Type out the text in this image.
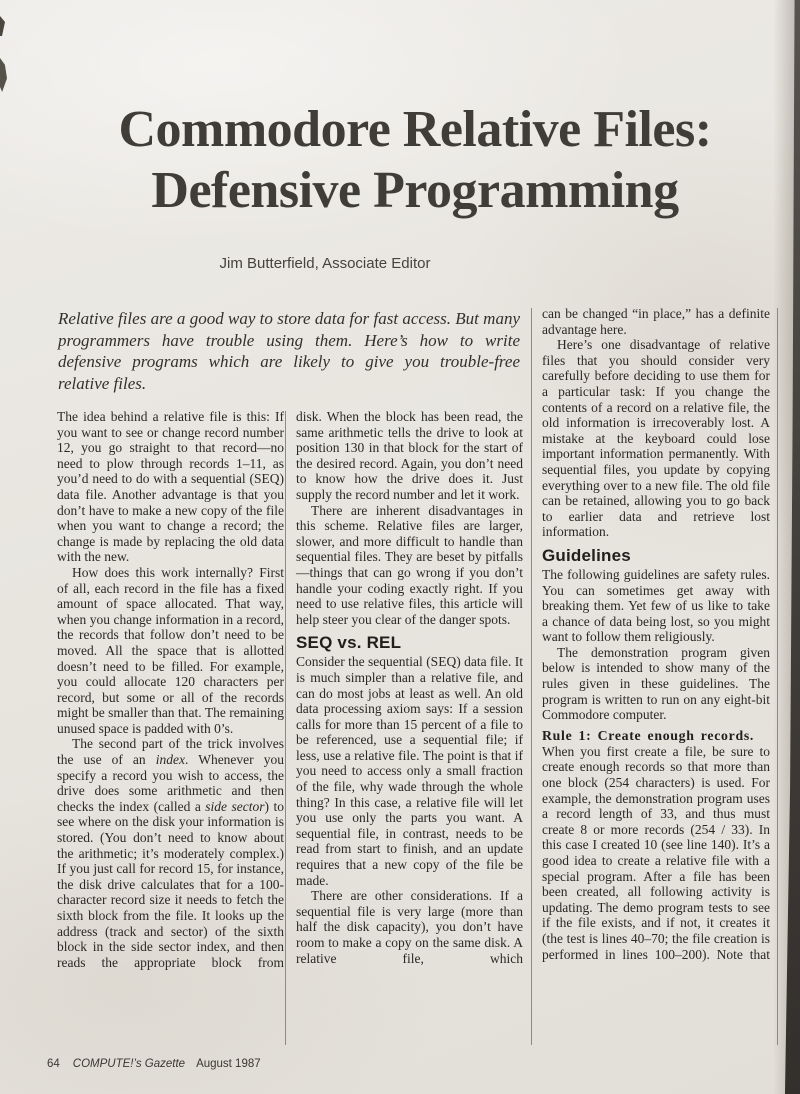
Commodore Relative Files:
Defensive Programming
Jim Butterfield, Associate Editor
Relative files are a good way to store data for fast access. But many programmers have trouble using them. Here’s how to write defensive programs which are likely to give you trouble-free relative files.

The idea behind a relative file is this: If you want to see or change record number 12, you go straight to that record—no need to plow through records 1–11, as you’d need to do with a sequential (SEQ) data file. Another advantage is that you don’t have to make a new copy of the file when you want to change a record; the change is made by replacing the old data with the new.

How does this work internally? First of all, each record in the file has a fixed amount of space allocated. That way, when you change information in a record, the records that follow don’t need to be moved. All the space that is allotted doesn’t need to be filled. For example, you could allocate 120 characters per record, but some or all of the records might be smaller than that. The remaining unused space is padded with 0’s.

The second part of the trick involves the use of an index. Whenever you specify a record you wish to access, the drive does some arithmetic and then checks the index (called a side sector) to see where on the disk your information is stored. (You don’t need to know about the arithmetic; it’s moderately complex.) If you just call for record 15, for instance, the disk drive calculates that for a 100-character record size it needs to fetch the sixth block from the file. It looks up the address (track and sector) of the sixth block in the side sector index, and then reads the appropriate block from

disk. When the block has been read, the same arithmetic tells the drive to look at position 130 in that block for the start of the desired record. Again, you don’t need to know how the drive does it. Just supply the record number and let it work.

There are inherent disadvantages in this scheme. Relative files are larger, slower, and more difficult to handle than sequential files. They are beset by pitfalls—things that can go wrong if you don’t handle your coding exactly right. If you need to use relative files, this article will help steer you clear of the danger spots.

SEQ vs. REL

Consider the sequential (SEQ) data file. It is much simpler than a relative file, and can do most jobs at least as well. An old data processing axiom says: If a session calls for more than 15 percent of a file to be referenced, use a sequential file; if less, use a relative file. The point is that if you need to access only a small fraction of the file, why wade through the whole thing? In this case, a relative file will let you use only the parts you want. A sequential file, in contrast, needs to be read from start to finish, and an update requires that a new copy of the file be made.

There are other considerations. If a sequential file is very large (more than half the disk capacity), you don’t have room to make a copy on the same disk. A relative file, which

can be changed “in place,” has a definite advantage here.

Here’s one disadvantage of relative files that you should consider very carefully before deciding to use them for a particular task: If you change the contents of a record on a relative file, the old information is irrecoverably lost. A mistake at the keyboard could lose important information permanently. With sequential files, you update by copying everything over to a new file. The old file can be retained, allowing you to go back to earlier data and retrieve lost information.

Guidelines

The following guidelines are safety rules. You can sometimes get away with breaking them. Yet few of us like to take a chance of data being lost, so you might want to follow them religiously.

The demonstration program given below is intended to show many of the rules given in these guidelines. The program is written to run on any eight-bit Commodore computer.

Rule 1: Create enough records.

When you first create a file, be sure to create enough records so that more than one block (254 characters) is used. For example, the demonstration program uses a record length of 33, and thus must create 8 or more records (254 / 33). In this case I created 10 (see line 140). It’s a good idea to create a relative file with a special program. After a file has been been created, all following activity is updating. The demo program tests to see if the file exists, and if not, it creates it (the test is lines 40–70; the file creation is performed in lines 100–200). Note that

64 COMPUTE!’s Gazette August 1987
